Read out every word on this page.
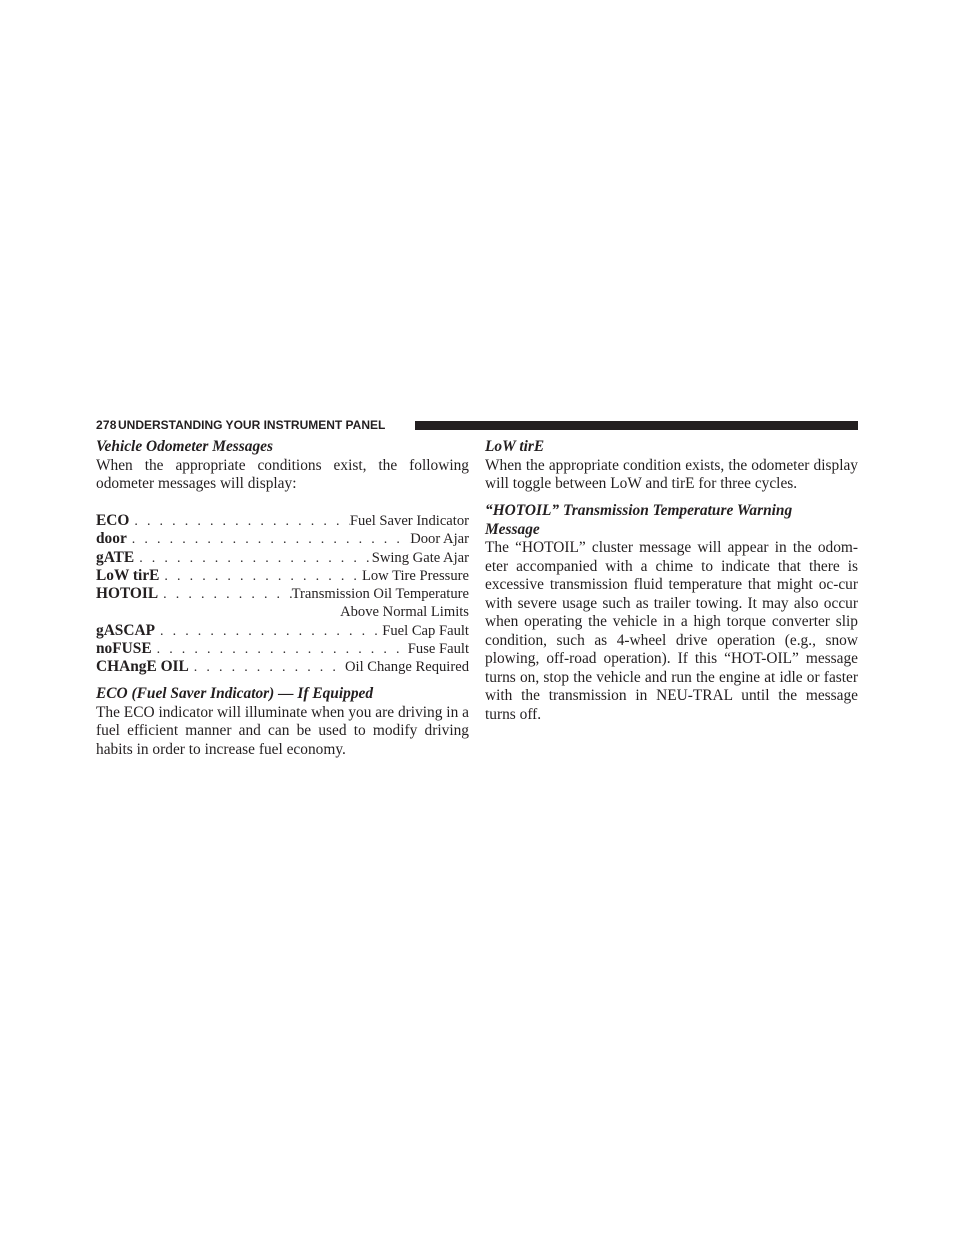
278 UNDERSTANDING YOUR INSTRUMENT PANEL

Vehicle Odometer Messages

When the appropriate conditions exist, the following odometer messages will display:

ECO . . .	Fuel Saver Indicator
door . . .	Door Ajar
gATE . . .	Swing Gate Ajar
LoW tirE . . .	Low Tire Pressure
HOTOIL . . .	Transmission Oil Temperature
Above Normal Limits
gASCAP . . .	Fuel Cap Fault
noFUSE . . .	Fuse Fault
CHAngE OIL . . .	Oil Change Required

ECO (Fuel Saver Indicator) — If Equipped

The ECO indicator will illuminate when you are driving in a fuel efficient manner and can be used to modify driving habits in order to increase fuel economy.

LoW tirE

When the appropriate condition exists, the odometer display will toggle between LoW and tirE for three cycles.

“HOTOIL” Transmission Temperature Warning Message

The “HOTOIL” cluster message will appear in the odom-eter accompanied with a chime to indicate that there is excessive transmission fluid temperature that might oc-cur with severe usage such as trailer towing. It may also occur when operating the vehicle in a high torque converter slip condition, such as 4-wheel drive operation (e.g., snow plowing, off-road operation). If this “HOT-OIL” message turns on, stop the vehicle and run the engine at idle or faster with the transmission in NEU-TRAL until the message turns off.
